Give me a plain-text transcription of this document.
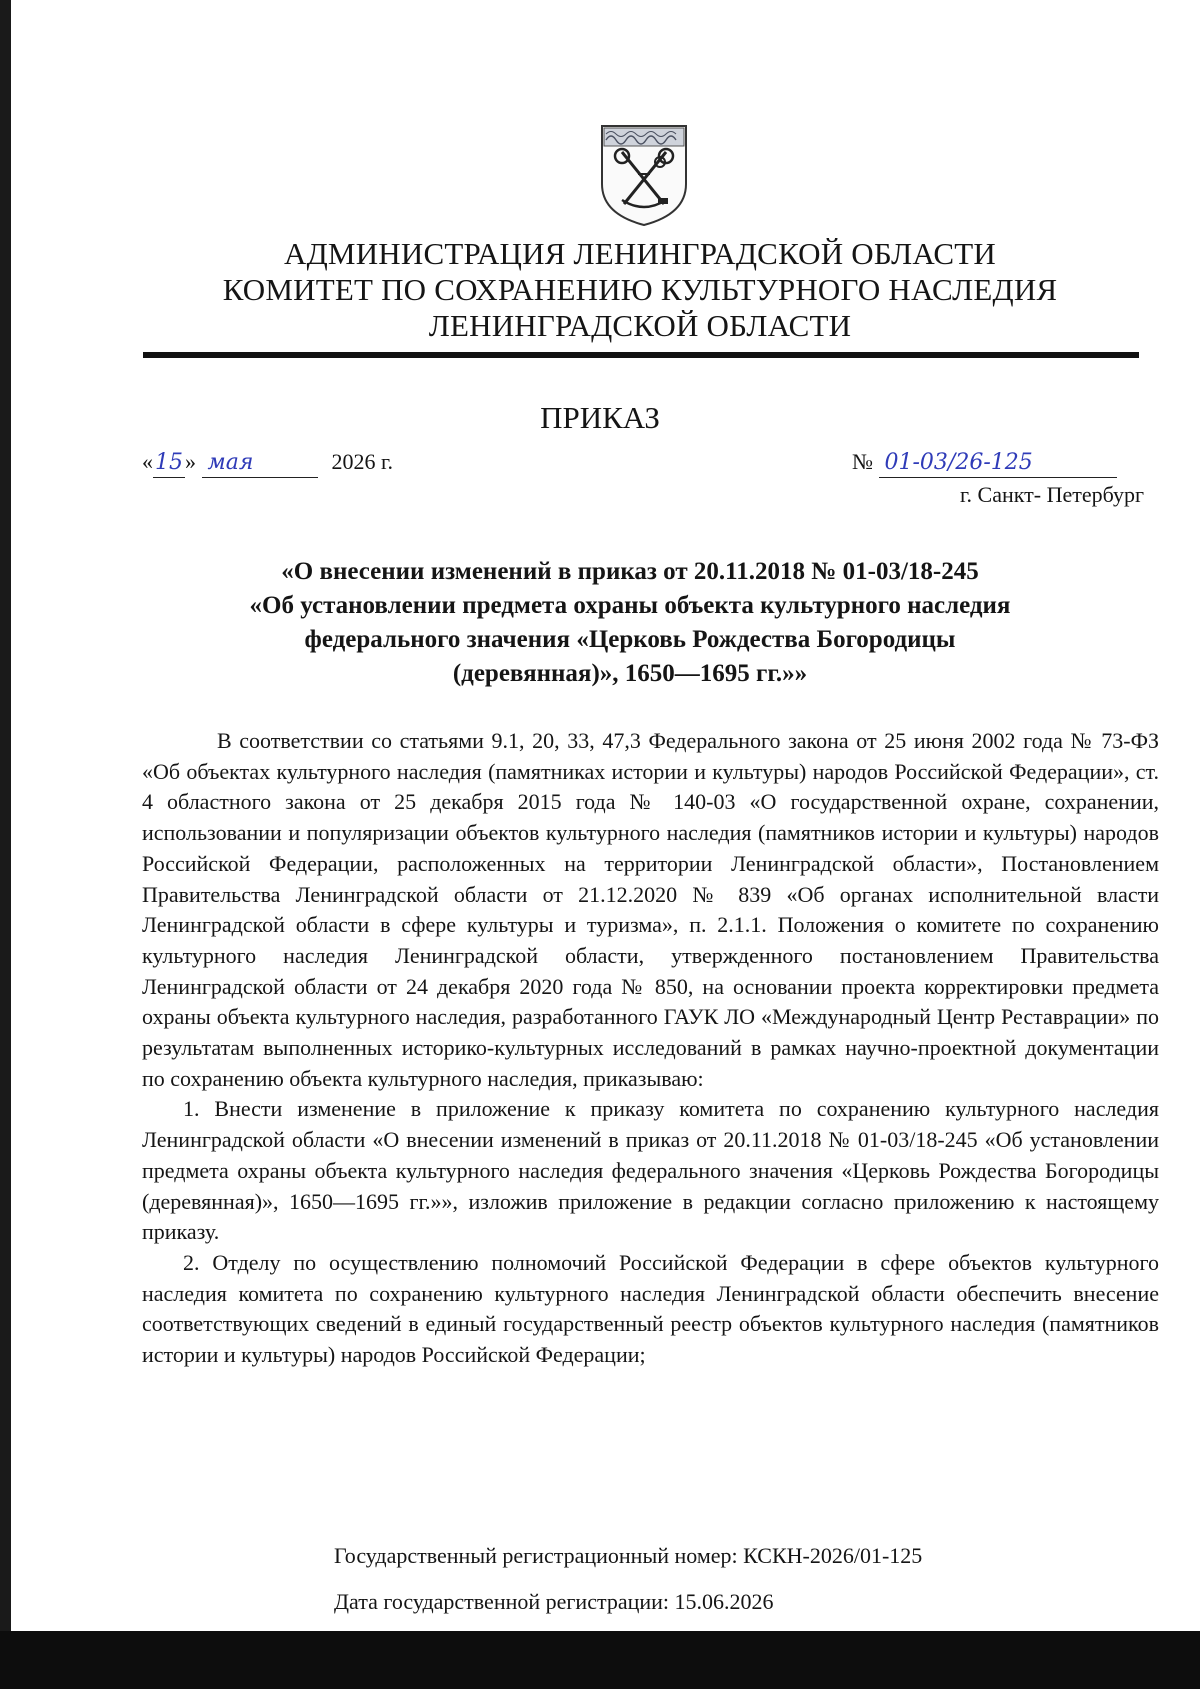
АДМИНИСТРАЦИЯ ЛЕНИНГРАДСКОЙ ОБЛАСТИ
КОМИТЕТ ПО СОХРАНЕНИЮ КУЛЬТУРНОГО НАСЛЕДИЯ
ЛЕНИНГРАДСКОЙ ОБЛАСТИ
ПРИКАЗ
«15» мая	2026 г.	№ 01-03/26-125
г. Санкт- Петербург
«О внесении изменений в приказ от 20.11.2018 № 01-03/18-245
«Об установлении предмета охраны объекта культурного наследия
федерального значения «Церковь Рождества Богородицы
(деревянная)», 1650—1695 гг.»»

В соответствии со статьями 9.1, 20, 33, 47,3 Федерального закона от 25 июня 2002 года № 73-ФЗ «Об объектах культурного наследия (памятниках истории и культуры) народов Российской Федерации», ст. 4 областного закона от 25 декабря 2015 года № 140-03 «О государственной охране, сохранении, использовании и популяризации объектов культурного наследия (памятников истории и культуры) народов Российской Федерации, расположенных на территории Ленинградской области», Постановлением Правительства Ленинградской области от 21.12.2020 № 839 «Об органах исполнительной власти Ленинградской области в сфере культуры и туризма», п. 2.1.1. Положения о комитете по сохранению культурного наследия Ленинградской области, утвержденного постановлением Правительства Ленинградской области от 24 декабря 2020 года № 850, на основании проекта корректировки предмета охраны объекта культурного наследия, разработанного ГАУК ЛО «Международный Центр Реставрации» по результатам выполненных историко-культурных исследований в рамках научно-проектной документации по сохранению объекта культурного наследия, приказываю:

1. Внести изменение в приложение к приказу комитета по сохранению культурного наследия Ленинградской области «О внесении изменений в приказ от 20.11.2018 № 01-03/18-245 «Об установлении предмета охраны объекта культурного наследия федерального значения «Церковь Рождества Богородицы (деревянная)», 1650—1695 гг.»», изложив приложение в редакции согласно приложению к настоящему приказу.

2. Отделу по осуществлению полномочий Российской Федерации в сфере объектов культурного наследия комитета по сохранению культурного наследия Ленинградской области обеспечить внесение соответствующих сведений в единый государственный реестр объектов культурного наследия (памятников истории и культуры) народов Российской Федерации;

Государственный регистрационный номер: КСКН-2026/01-125
Дата государственной регистрации: 15.06.2026
